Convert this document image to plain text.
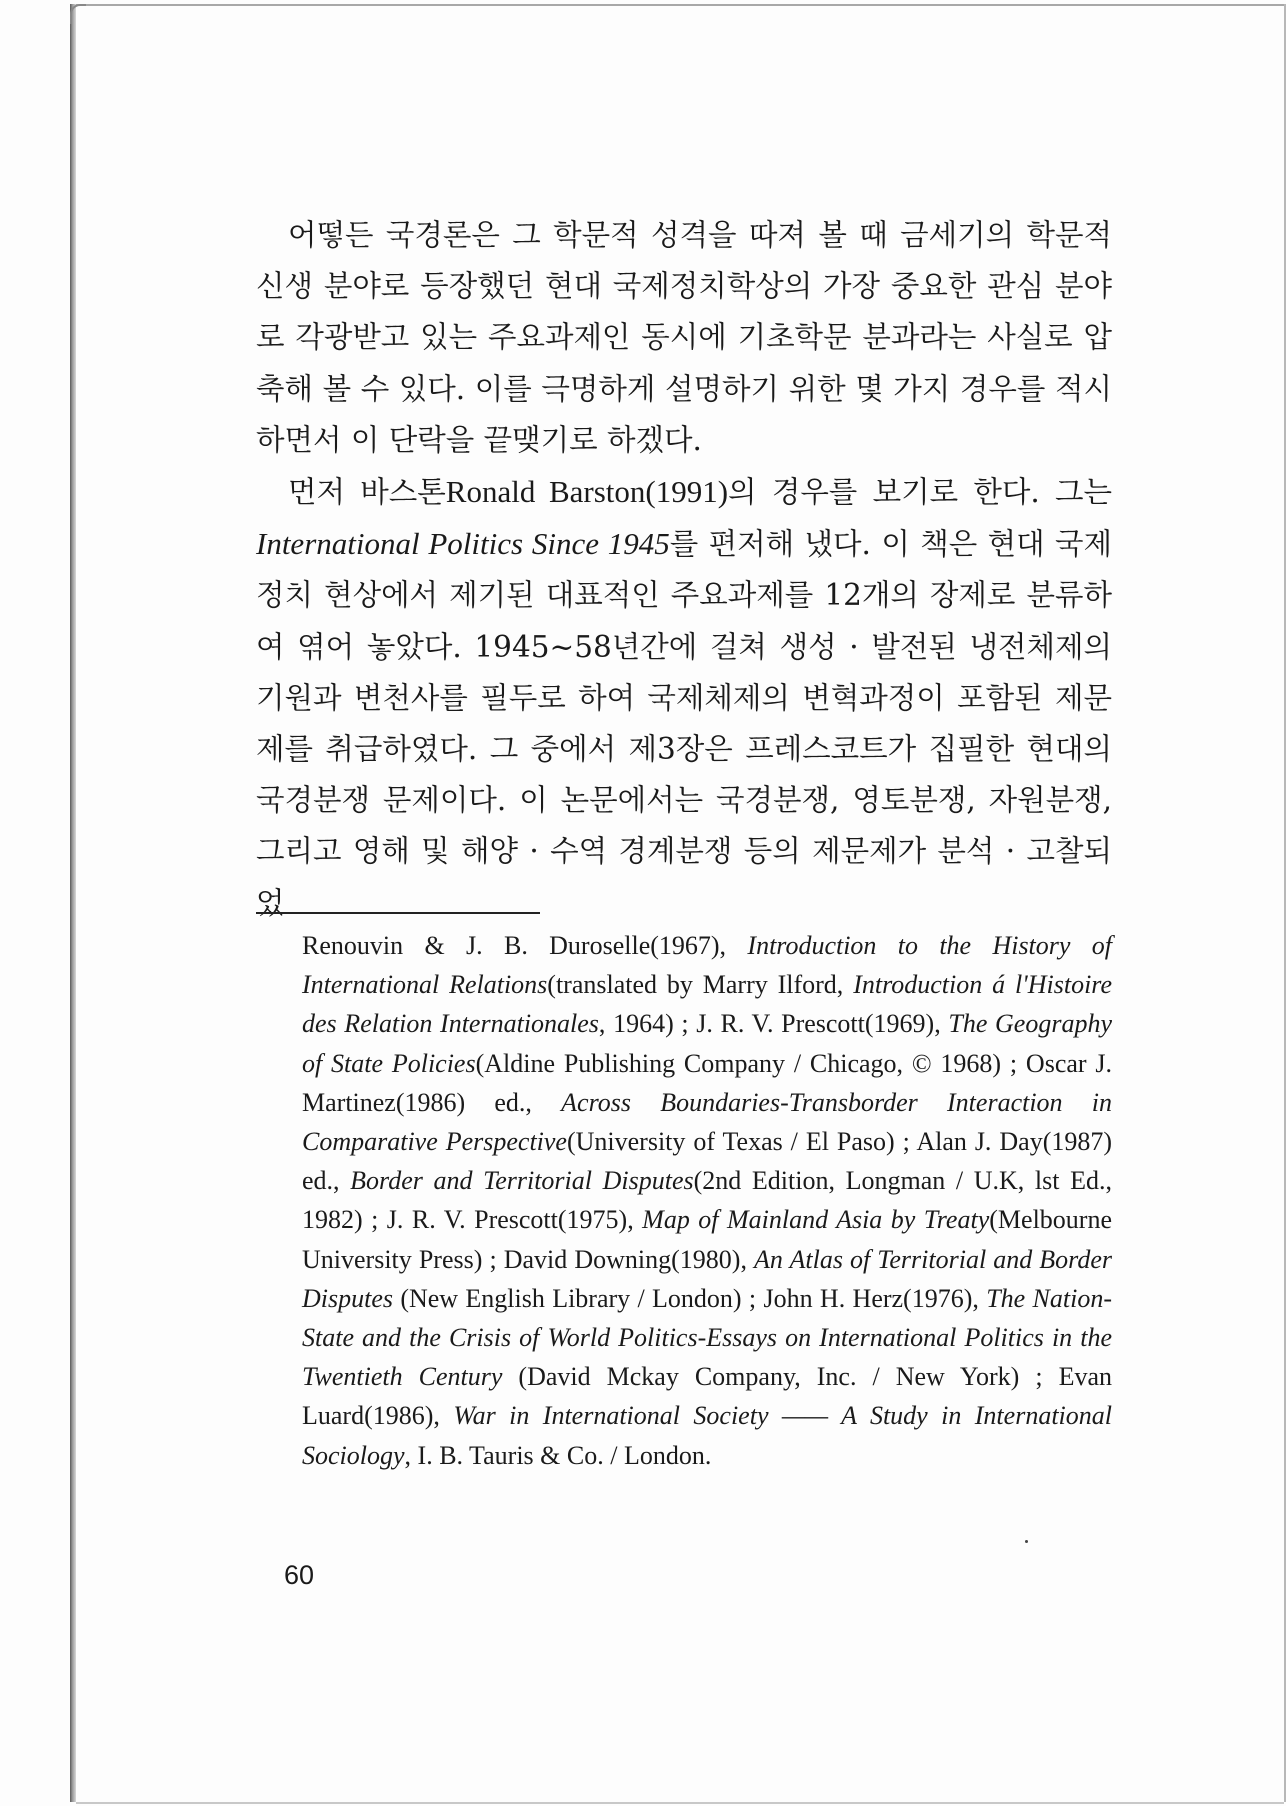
어떻든 국경론은 그 학문적 성격을 따져 볼 때 금세기의 학문적 신생 분야로 등장했던 현대 국제정치학상의 가장 중요한 관심 분야로 각광받고 있는 주요과제인 동시에 기초학문 분과라는 사실로 압축해 볼 수 있다. 이를 극명하게 설명하기 위한 몇 가지 경우를 적시하면서 이 단락을 끝맺기로 하겠다.

먼저 바스톤Ronald Barston(1991)의 경우를 보기로 한다. 그는 International Politics Since 1945를 편저해 냈다. 이 책은 현대 국제정치 현상에서 제기된 대표적인 주요과제를 12개의 장제로 분류하여 엮어 놓았다. 1945~58년간에 걸쳐 생성 · 발전된 냉전체제의 기원과 변천사를 필두로 하여 국제체제의 변혁과정이 포함된 제문제를 취급하였다. 그 중에서 제3장은 프레스코트가 집필한 현대의 국경분쟁 문제이다. 이 논문에서는 국경분쟁, 영토분쟁, 자원분쟁, 그리고 영해 및 해양 · 수역 경계분쟁 등의 제문제가 분석 · 고찰되었

Renouvin & J. B. Duroselle(1967), Introduction to the History of International Relations(translated by Marry Ilford, Introduction á l'Histoire des Relation Internationales, 1964) ; J. R. V. Prescott(1969), The Geography of State Policies(Aldine Publishing Company / Chicago, © 1968) ; Oscar J. Martinez(1986) ed., Across Boundaries-Transborder Interaction in Comparative Perspective(University of Texas / El Paso) ; Alan J. Day(1987) ed., Border and Territorial Disputes(2nd Edition, Longman / U.K, lst Ed., 1982) ; J. R. V. Prescott(1975), Map of Mainland Asia by Treaty(Melbourne University Press) ; David Downing(1980), An Atlas of Territorial and Border Disputes (New English Library / London) ; John H. Herz(1976), The Nation-State and the Crisis of World Politics-Essays on International Politics in the Twentieth Century (David Mckay Company, Inc. / New York) ; Evan Luard(1986), War in International Society —— A Study in International Sociology, I. B. Tauris & Co. / London.
60
